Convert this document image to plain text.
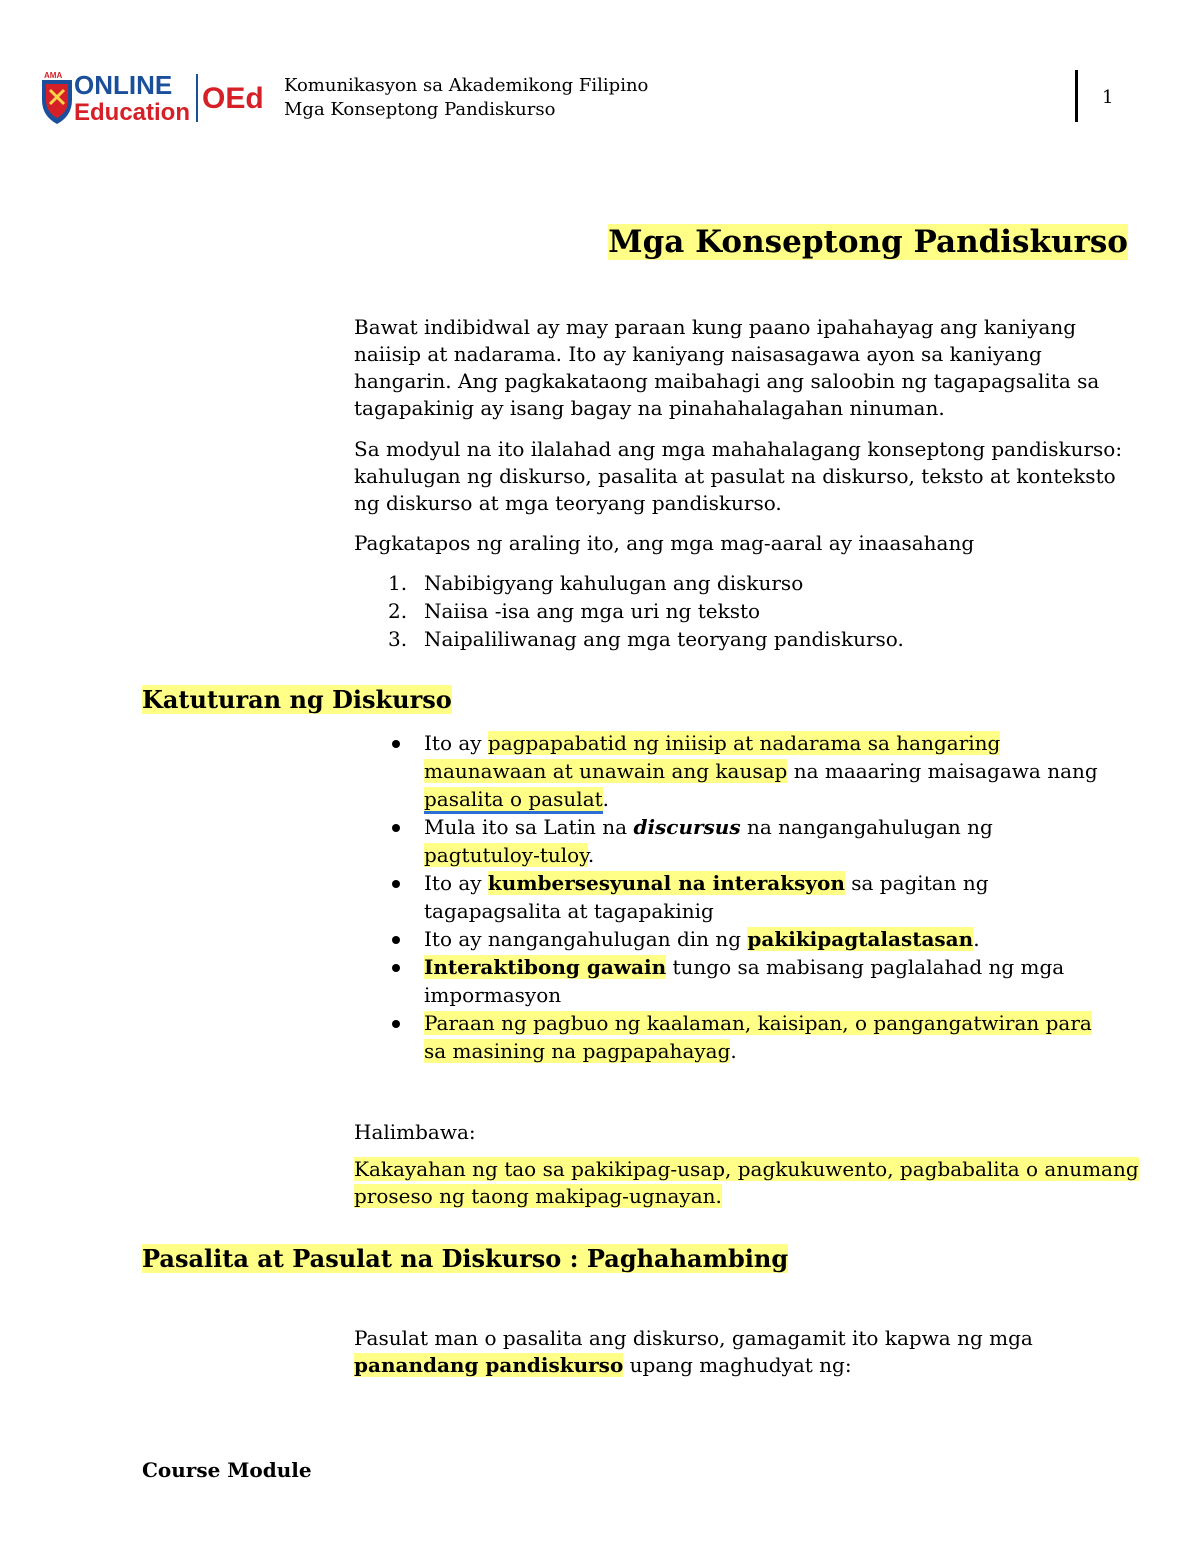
AMA ONLINE
Education OEd Komunikasyon sa Akademikong Filipino
Mga Konseptong Pandiskurso
1
Mga Konseptong Pandiskurso

Bawat indibidwal ay may paraan kung paano ipahahayag ang kaniyang naiisip at nadarama. Ito ay kaniyang naisasagawa ayon sa kaniyang hangarin. Ang pagkakataong maibahagi ang saloobin ng tagapagsalita sa tagapakinig ay isang bagay na pinahahalagahan ninuman.

Sa modyul na ito ilalahad ang mga mahahalagang konseptong pandiskurso: kahulugan ng diskurso, pasalita at pasulat na diskurso, teksto at konteksto ng diskurso at mga teoryang pandiskurso.

Pagkatapos ng araling ito, ang mga mag-aaral ay inaasahang

1. Nabibigyang kahulugan ang diskurso
2. Naiisa -isa ang mga uri ng teksto
3. Naipaliliwanag ang mga teoryang pandiskurso.
Katuturan ng Diskurso
Ito ay pagpapabatid ng iniisip at nadarama sa hangaring maunawaan at unawain ang kausap na maaaring maisagawa nang pasalita o pasulat.
Mula ito sa Latin na discursus na nangangahulugan ng pagtutuloy-tuloy.
Ito ay kumbersesyunal na interaksyon sa pagitan ng tagapagsalita at tagapakinig
Ito ay nangangahulugan din ng pakikipagtalastasan.
Interaktibong gawain tungo sa mabisang paglalahad ng mga impormasyon
Paraan ng pagbuo ng kaalaman, kaisipan, o pangangatwiran para sa masining na pagpapahayag.

Halimbawa:

Kakayahan ng tao sa pakikipag-usap, pagkukuwento, pagbabalita o anumang proseso ng taong makipag-ugnayan.

Pasalita at Pasulat na Diskurso : Paghahambing

Pasulat man o pasalita ang diskurso, gamagamit ito kapwa ng mga panandang pandiskurso upang maghudyat ng:

Course Module
